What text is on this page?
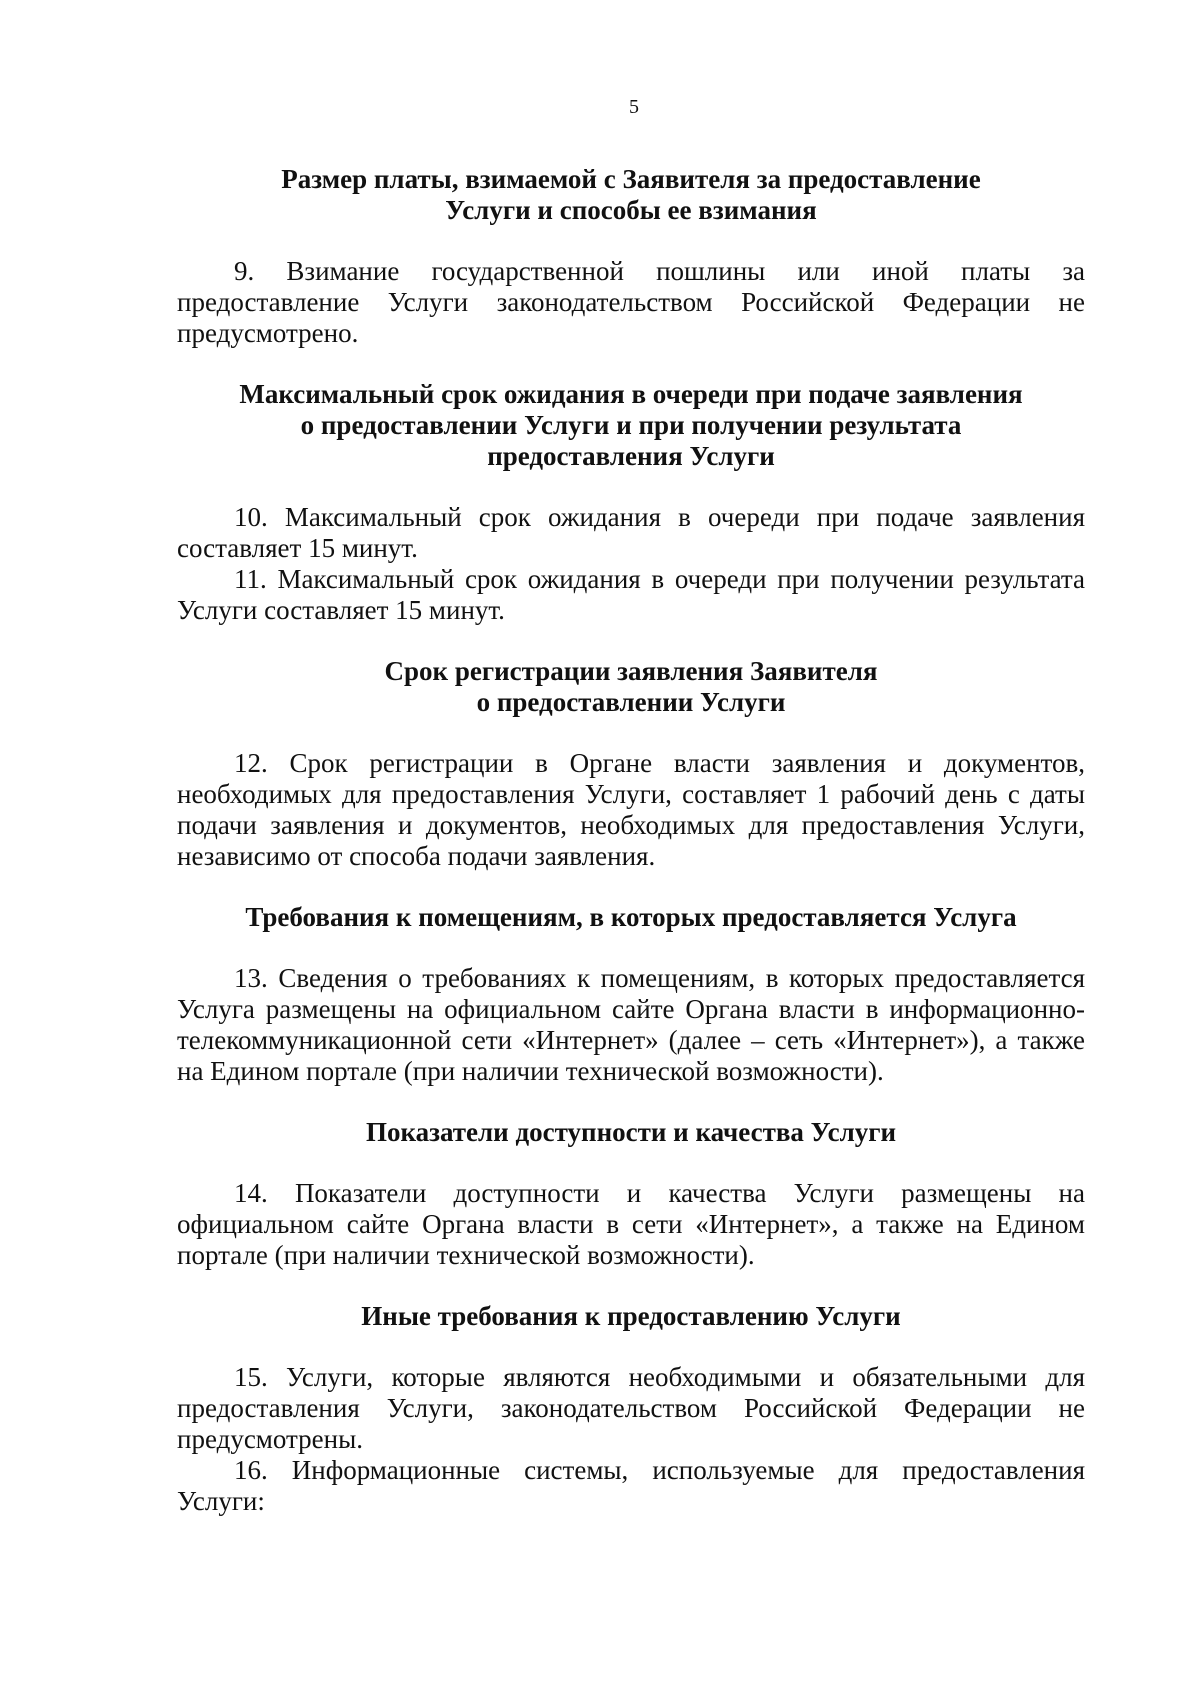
5
Размер платы, взимаемой с Заявителя за предоставление
Услуги и способы ее взимания

9. Взимание государственной пошлины или иной платы за предоставление Услуги законодательством Российской Федерации не предусмотрено.

Максимальный срок ожидания в очереди при подаче заявления
о предоставлении Услуги и при получении результата
предоставления Услуги

10. Максимальный срок ожидания в очереди при подаче заявления составляет 15 минут.

11. Максимальный срок ожидания в очереди при получении результата Услуги составляет 15 минут.

Срок регистрации заявления Заявителя
о предоставлении Услуги

12. Срок регистрации в Органе власти заявления и документов, необходимых для предоставления Услуги, составляет 1 рабочий день с даты подачи заявления и документов, необходимых для предоставления Услуги, независимо от способа подачи заявления.

Требования к помещениям, в которых предоставляется Услуга

13. Сведения о требованиях к помещениям, в которых предоставляется Услуга размещены на официальном сайте Органа власти в информационно-телекоммуникационной сети «Интернет» (далее – сеть «Интернет»), а также на Едином портале (при наличии технической возможности).

Показатели доступности и качества Услуги

14. Показатели доступности и качества Услуги размещены на официальном сайте Органа власти в сети «Интернет», а также на Едином портале (при наличии технической возможности).

Иные требования к предоставлению Услуги

15. Услуги, которые являются необходимыми и обязательными для предоставления Услуги, законодательством Российской Федерации не предусмотрены.

16. Информационные системы, используемые для предоставления Услуги:
